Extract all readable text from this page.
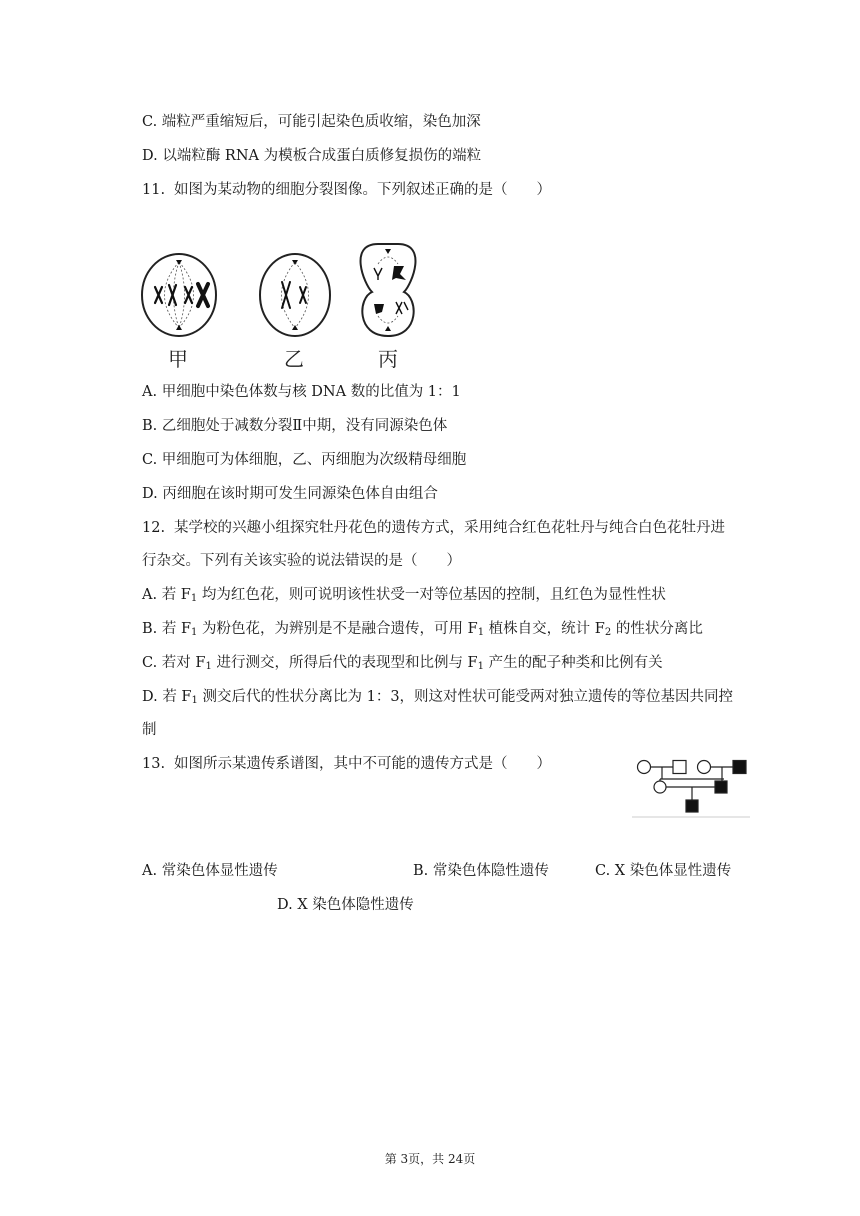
C. 端粒严重缩短后，可能引起染色质收缩，染色加深
D. 以端粒酶 RNA 为模板合成蛋白质修复损伤的端粒
11. 如图为某动物的细胞分裂图像。下列叙述正确的是（　　）
甲	乙	丙
A. 甲细胞中染色体数与核 DNA 数的比值为 1：1
B. 乙细胞处于减数分裂Ⅱ中期，没有同源染色体
C. 甲细胞可为体细胞，乙、丙细胞为次级精母细胞
D. 丙细胞在该时期可发生同源染色体自由组合
12. 某学校的兴趣小组探究牡丹花色的遗传方式，采用纯合红色花牡丹与纯合白色花牡丹进
行杂交。下列有关该实验的说法错误的是（　　）
A. 若 $F_1$ 均为红色花，则可说明该性状受一对等位基因的控制，且红色为显性性状
B. 若 $F_1$ 为粉色花，为辨别是不是融合遗传，可用 $F_1$ 植株自交，统计 $F_2$ 的性状分离比
C. 若对 $F_1$ 进行测交，所得后代的表现型和比例与 $F_1$ 产生的配子种类和比例有关
D. 若 $F_1$ 测交后代的性状分离比为 1：3，则这对性状可能受两对独立遗传的等位基因共同控
制
13. 如图所示某遗传系谱图，其中不可能的遗传方式是（　　）
A. 常染色体显性遗传	B. 常染色体隐性遗传	C. X 染色体显性遗传
D. X 染色体隐性遗传
第 3页，共 24页
